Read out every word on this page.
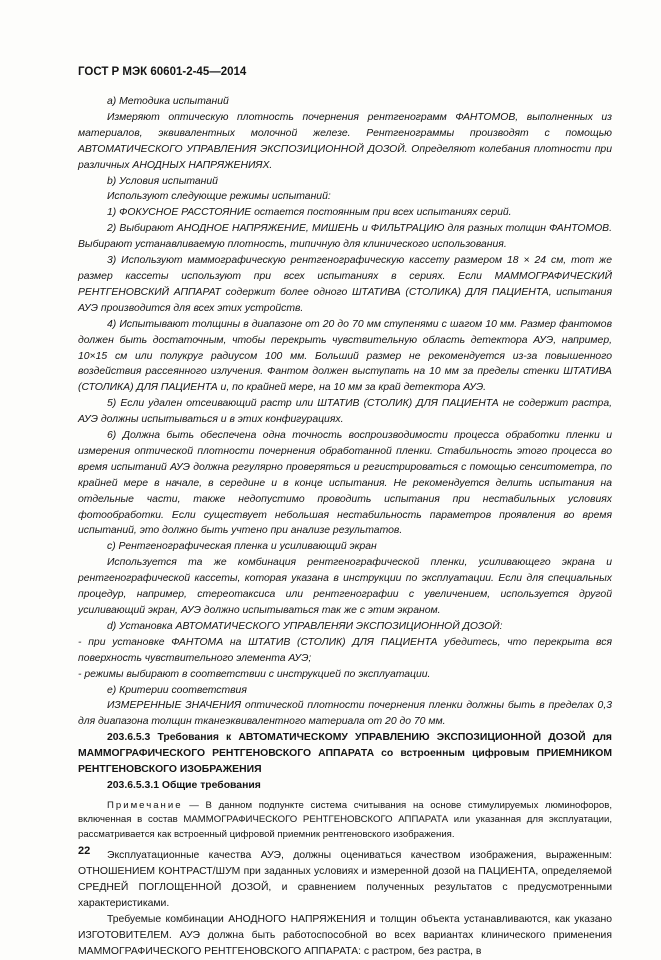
ГОСТ Р МЭК 60601-2-45—2014

а) Методика испытаний

Измеряют оптическую плотность почернения рентгенограмм ФАНТОМОВ, выполненных из материалов, эквивалентных молочной железе. Рентгенограммы производят с помощью АВТОМАТИЧЕСКОГО УПРАВЛЕНИЯ ЭКСПОЗИЦИОННОЙ ДОЗОЙ. Определяют колебания плотности при различных АНОДНЫХ НАПРЯЖЕНИЯХ.

b) Условия испытаний

Используют следующие режимы испытаний:

1) ФОКУСНОЕ РАССТОЯНИЕ остается постоянным при всех испытаниях серий.

2) Выбирают АНОДНОЕ НАПРЯЖЕНИЕ, МИШЕНЬ и ФИЛЬТРАЦИЮ для разных толщин ФАНТОМОВ. Выбирают устанавливаемую плотность, типичную для клинического использования.

3) Используют маммографическую рентгенографическую кассету размером 18 × 24 см, тот же размер кассеты используют при всех испытаниях в сериях. Если МАММОГРАФИЧЕСКИЙ РЕНТГЕНОВСКИЙ АППАРАТ содержит более одного ШТАТИВА (СТОЛИКА) ДЛЯ ПАЦИЕНТА, испытания АУЭ производится для всех этих устройств.

4) Испытывают толщины в диапазоне от 20 до 70 мм ступенями с шагом 10 мм. Размер фантомов должен быть достаточным, чтобы перекрыть чувствительную область детектора АУЭ, например, 10×15 см или полукруг радиусом 100 мм. Больший размер не рекомендуется из-за повышенного воздействия рассеянного излучения. Фантом должен выступать на 10 мм за пределы стенки ШТАТИВА (СТОЛИКА) ДЛЯ ПАЦИЕНТА и, по крайней мере, на 10 мм за край детектора АУЭ.

5) Если удален отсеивающий растр или ШТАТИВ (СТОЛИК) ДЛЯ ПАЦИЕНТА не содержит растра, АУЭ должны испытываться и в этих конфигурациях.

6) Должна быть обеспечена одна точность воспроизводимости процесса обработки пленки и измерения оптической плотности почернения обработанной пленки. Стабильность этого процесса во время испытаний АУЭ должна регулярно проверяться и регистрироваться с помощью сенситометра, по крайней мере в начале, в середине и в конце испытания. Не рекомендуется делить испытания на отдельные части, также недопустимо проводить испытания при нестабильных условиях фотообработки. Если существует небольшая нестабильность параметров проявления во время испытаний, это должно быть учтено при анализе результатов.

с) Рентгенографическая пленка и усиливающий экран

Используется та же комбинация рентгенографической пленки, усиливающего экрана и рентгенографической кассеты, которая указана в инструкции по эксплуатации. Если для специальных процедур, например, стереотаксиса или рентгенографии с увеличением, используется другой усиливающий экран, АУЭ должно испытываться так же с этим экраном.

d) Установка АВТОМАТИЧЕСКОГО УПРАВЛЕНЯИ ЭКСПОЗИЦИОННОЙ ДОЗОЙ:

- при установке ФАНТОМА на ШТАТИВ (СТОЛИК) ДЛЯ ПАЦИЕНТА убедитесь, что перекрыта вся поверхность чувствительного элемента АУЭ;

- режимы выбирают в соответствии с инструкцией по эксплуатации.

е) Критерии соответствия

ИЗМЕРЕННЫЕ ЗНАЧЕНИЯ оптической плотности почернения пленки должны быть в пределах 0,3 для диапазона толщин тканеэквивалентного материала от 20 до 70 мм.

203.6.5.3 Требования к АВТОМАТИЧЕСКОМУ УПРАВЛЕНИЮ ЭКСПОЗИЦИОННОЙ ДОЗОЙ для МАММОГРАФИЧЕСКОГО РЕНТГЕНОВСКОГО АППАРАТА со встроенным цифровым ПРИЕМНИКОМ РЕНТГЕНОВСКОГО ИЗОБРАЖЕНИЯ

203.6.5.3.1 Общие требования

Примечание — В данном подпункте система считывания на основе стимулируемых люминофоров, включенная в состав МАММОГРАФИЧЕСКОГО РЕНТГЕНОВСКОГО АППАРАТА или указанная для эксплуатации, рассматривается как встроенный цифровой приемник рентгеновского изображения.

Эксплуатационные качества АУЭ, должны оцениваться качеством изображения, выраженным: ОТНОШЕНИЕМ КОНТРАСТ/ШУМ при заданных условиях и измеренной дозой на ПАЦИЕНТА, определяемой СРЕДНЕЙ ПОГЛОЩЕННОЙ ДОЗОЙ, и сравнением полученных результатов с предусмотренными характеристиками.

Требуемые комбинации АНОДНОГО НАПРЯЖЕНИЯ и толщин объекта устанавливаются, как указано ИЗГОТОВИТЕЛЕМ. АУЭ должна быть работоспособной во всех вариантах клинического применения МАММОГРАФИЧЕСКОГО РЕНТГЕНОВСКОГО АППАРАТА: с растром, без растра, в

22
